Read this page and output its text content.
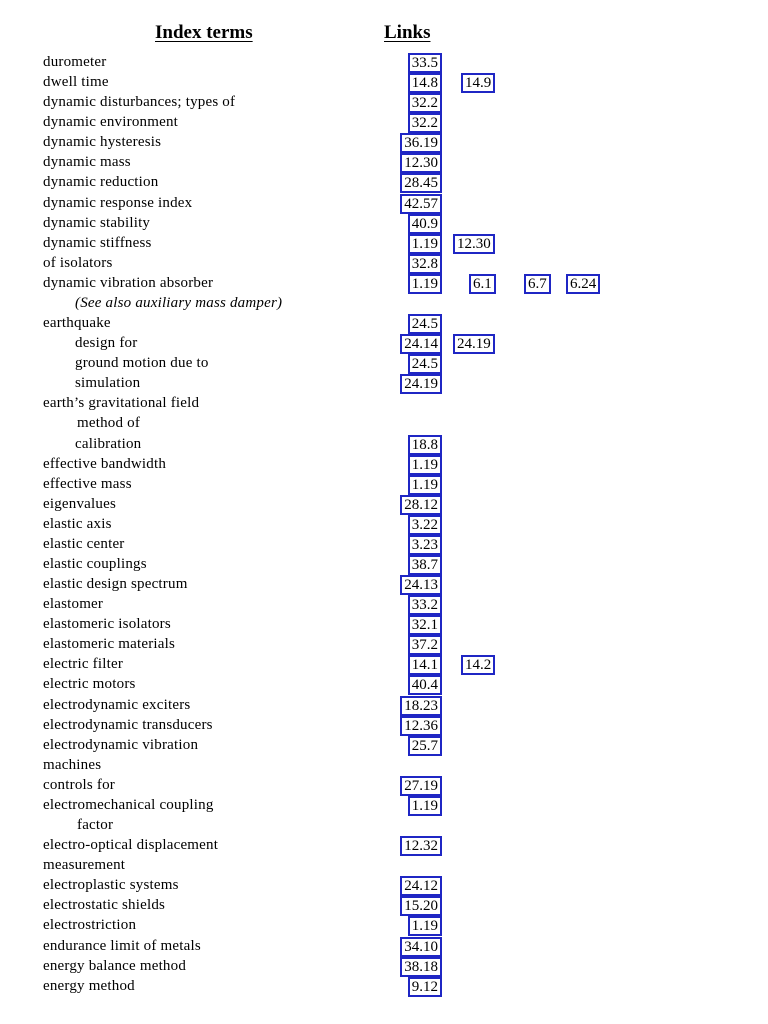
Index terms	Links
durometer	33.5
dwell time	14.8 14.9
dynamic disturbances; types of	32.2
dynamic environment	32.2
dynamic hysteresis	36.19
dynamic mass	12.30
dynamic reduction	28.45
dynamic response index	42.57
dynamic stability	40.9
dynamic stiffness	1.19 12.30
of isolators	32.8
dynamic vibration absorber	1.19 6.1 6.7 6.24
(See also auxiliary mass damper)
earthquake	24.5
design for	24.14 24.19
ground motion due to	24.5
simulation	24.19
earth’s gravitational field
method of
calibration	18.8
effective bandwidth	1.19
effective mass	1.19
eigenvalues	28.12
elastic axis	3.22
elastic center	3.23
elastic couplings	38.7
elastic design spectrum	24.13
elastomer	33.2
elastomeric isolators	32.1
elastomeric materials	37.2
electric filter	14.1 14.2
electric motors	40.4
electrodynamic exciters	18.23
electrodynamic transducers	12.36
electrodynamic vibration	25.7
machines
controls for	27.19
electromechanical coupling	1.19
factor
electro-optical displacement	12.32
measurement
electroplastic systems	24.12
electrostatic shields	15.20
electrostriction	1.19
endurance limit of metals	34.10
energy balance method	38.18
energy method	9.12
